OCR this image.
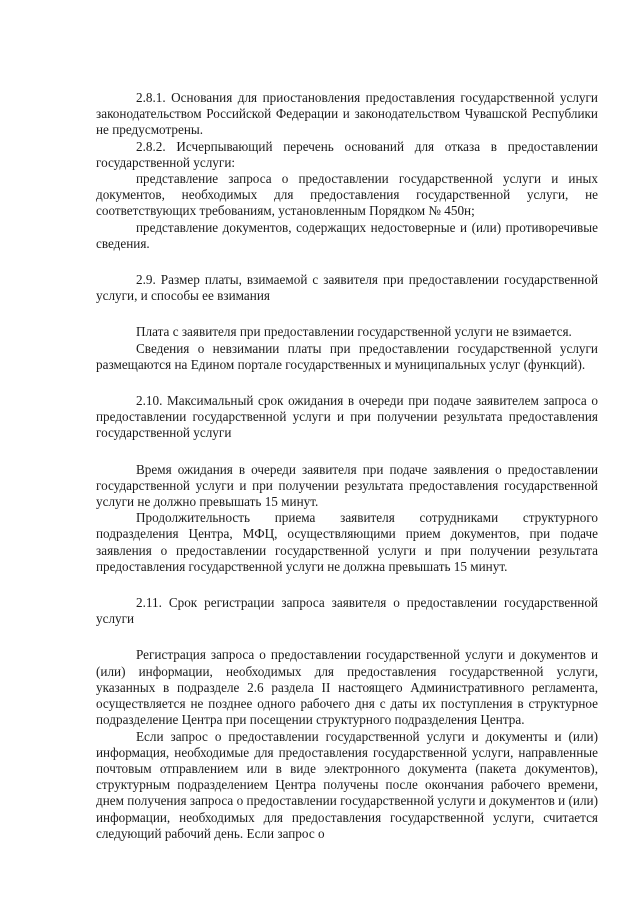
2.8.1. Основания для приостановления предоставления государственной услуги законодательством Российской Федерации и законодательством Чувашской Республики не предусмотрены.

2.8.2. Исчерпывающий перечень оснований для отказа в предоставлении государственной услуги:

представление запроса о предоставлении государственной услуги и иных документов, необходимых для предоставления государственной услуги, не соответствующих требованиям, установленным Порядком № 450н;

представление документов, содержащих недостоверные и (или) противоречивые сведения.

2.9. Размер платы, взимаемой с заявителя при предоставлении государственной услуги, и способы ее взимания

Плата с заявителя при предоставлении государственной услуги не взимается.

Сведения о невзимании платы при предоставлении государственной услуги размещаются на Едином портале государственных и муниципальных услуг (функций).

2.10. Максимальный срок ожидания в очереди при подаче заявителем запроса о предоставлении государственной услуги и при получении результата предоставления государственной услуги

Время ожидания в очереди заявителя при подаче заявления о предоставлении государственной услуги и при получении результата предоставления государственной услуги не должно превышать 15 минут.

Продолжительность приема заявителя сотрудниками структурного подразделения Центра, МФЦ, осуществляющими прием документов, при подаче заявления о предоставлении государственной услуги и при получении результата предоставления государственной услуги не должна превышать 15 минут.

2.11. Срок регистрации запроса заявителя о предоставлении государственной услуги

Регистрация запроса о предоставлении государственной услуги и документов и (или) информации, необходимых для предоставления государственной услуги, указанных в подразделе 2.6 раздела II настоящего Административного регламента, осуществляется не позднее одного рабочего дня с даты их поступления в структурное подразделение Центра при посещении структурного подразделения Центра.

Если запрос о предоставлении государственной услуги и документы и (или) информация, необходимые для предоставления государственной услуги, направленные почтовым отправлением или в виде электронного документа (пакета документов), структурным подразделением Центра получены после окончания рабочего времени, днем получения запроса о предоставлении государственной услуги и документов и (или) информации, необходимых для предоставления государственной услуги, считается следующий рабочий день. Если запрос о
